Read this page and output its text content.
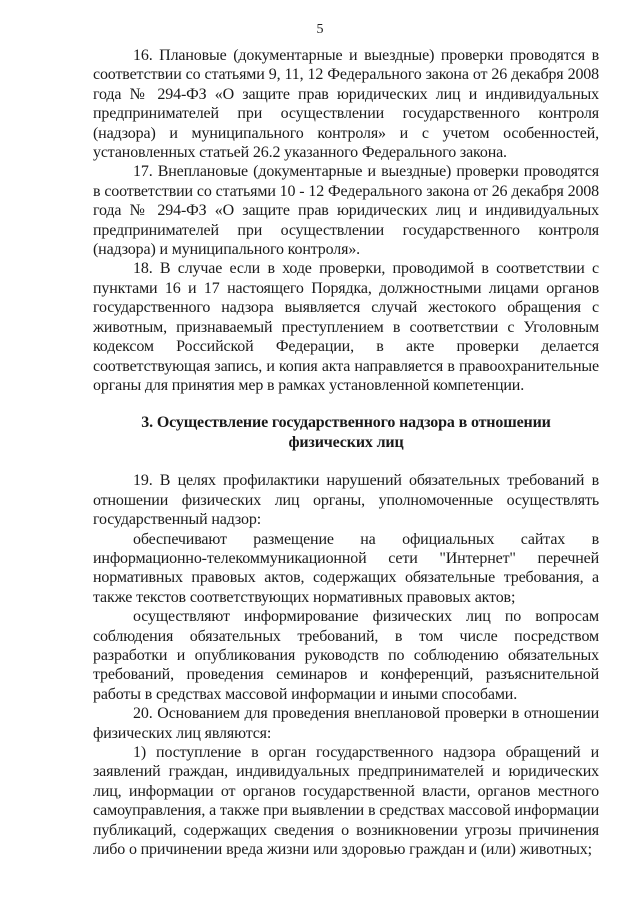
5

16. Плановые (документарные и выездные) проверки проводятся в соответствии со статьями 9, 11, 12 Федерального закона от 26 декабря 2008 года № 294-ФЗ «О защите прав юридических лиц и индивидуальных предпринимателей при осуществлении государственного контроля (надзора) и муниципального контроля» и с учетом особенностей, установленных статьей 26.2 указанного Федерального закона.

17. Внеплановые (документарные и выездные) проверки проводятся в соответствии со статьями 10 - 12 Федерального закона от 26 декабря 2008 года № 294-ФЗ «О защите прав юридических лиц и индивидуальных предпринимателей при осуществлении государственного контроля (надзора) и муниципального контроля».

18. В случае если в ходе проверки, проводимой в соответствии с пунктами 16 и 17 настоящего Порядка, должностными лицами органов государственного надзора выявляется случай жестокого обращения с животным, признаваемый преступлением в соответствии с Уголовным кодексом Российской Федерации, в акте проверки делается соответствующая запись, и копия акта направляется в правоохранительные органы для принятия мер в рамках установленной компетенции.

3. Осуществление государственного надзора в отношении физических лиц

19. В целях профилактики нарушений обязательных требований в отношении физических лиц органы, уполномоченные осуществлять государственный надзор:

обеспечивают размещение на официальных сайтах в информационно-телекоммуникационной сети "Интернет" перечней нормативных правовых актов, содержащих обязательные требования, а также текстов соответствующих нормативных правовых актов;

осуществляют информирование физических лиц по вопросам соблюдения обязательных требований, в том числе посредством разработки и опубликования руководств по соблюдению обязательных требований, проведения семинаров и конференций, разъяснительной работы в средствах массовой информации и иными способами.

20. Основанием для проведения внеплановой проверки в отношении физических лиц являются:

1) поступление в орган государственного надзора обращений и заявлений граждан, индивидуальных предпринимателей и юридических лиц, информации от органов государственной власти, органов местного самоуправления, а также при выявлении в средствах массовой информации публикаций, содержащих сведения о возникновении угрозы причинения либо о причинении вреда жизни или здоровью граждан и (или) животных;
